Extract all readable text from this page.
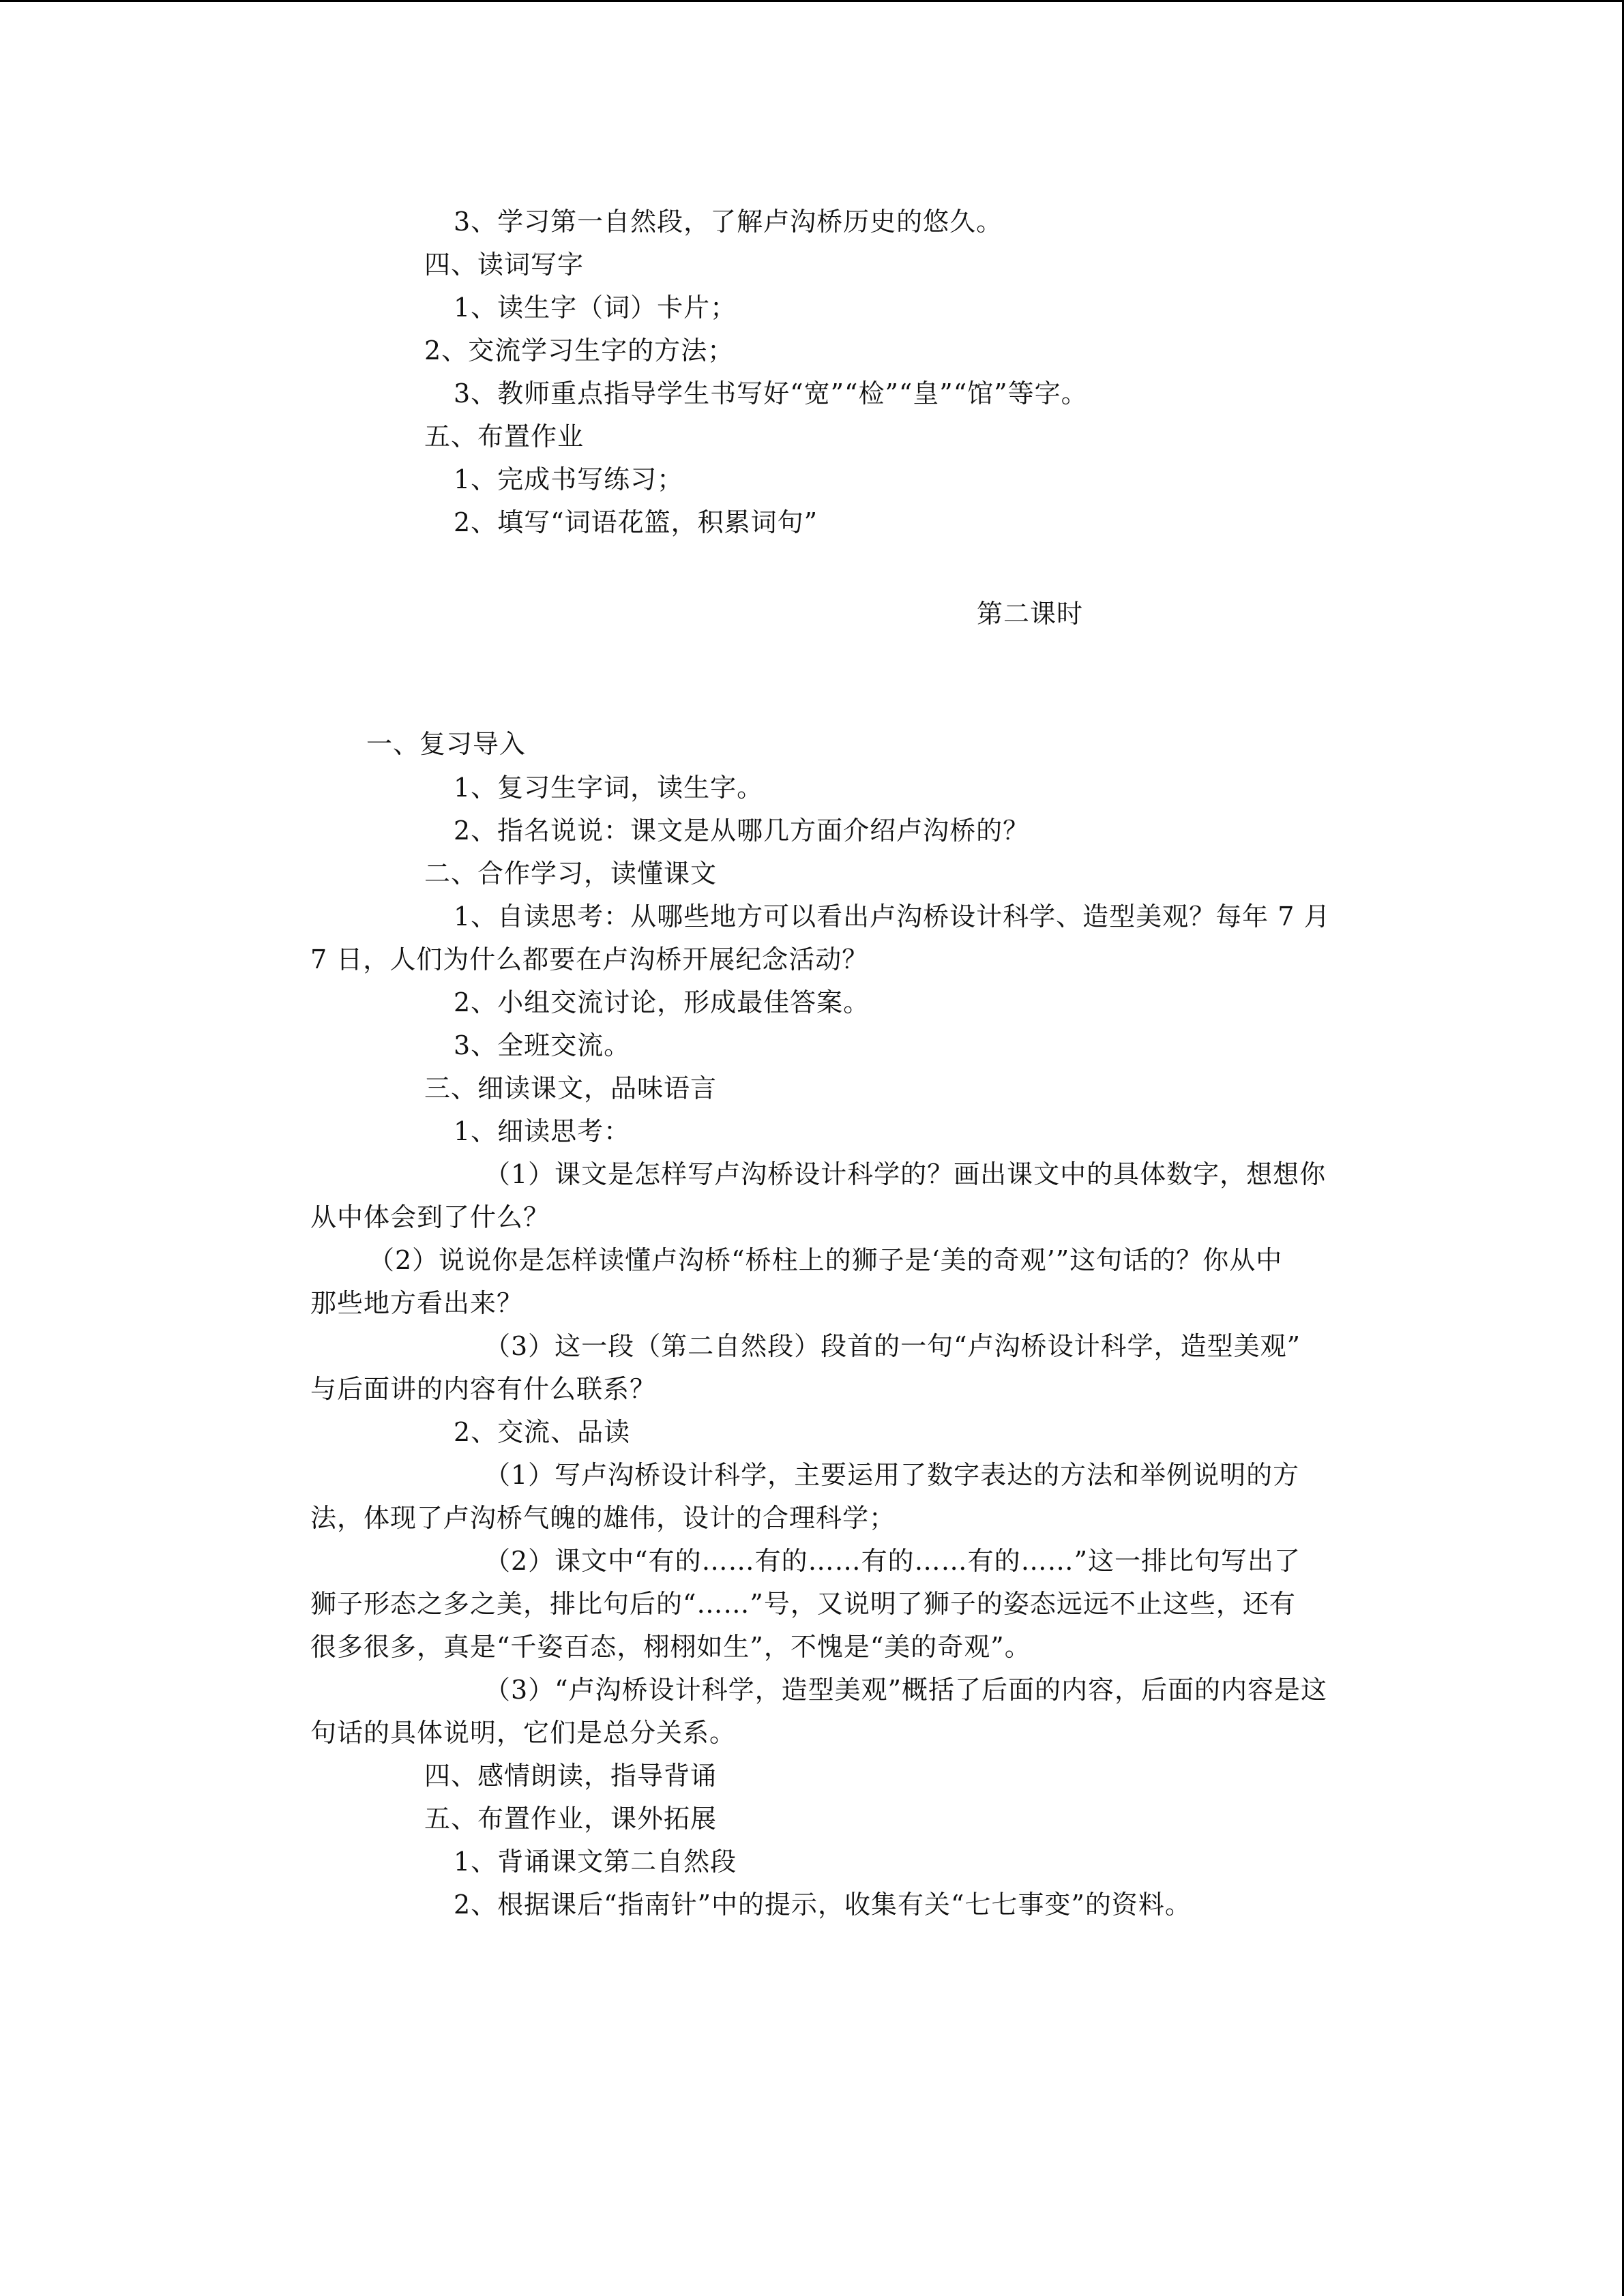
3、学习第一自然段，了解卢沟桥历史的悠久。
四、读词写字
1、读生字（词）卡片；
2、交流学习生字的方法；
3、教师重点指导学生书写好“宽”“检”“皇”“馆”等字。
五、布置作业
1、完成书写练习；
2、填写“词语花篮，积累词句”
第二课时
一、复习导入
1、复习生字词，读生字。
2、指名说说：课文是从哪几方面介绍卢沟桥的？
二、合作学习，读懂课文
1、自读思考：从哪些地方可以看出卢沟桥设计科学、造型美观？每年 7 月
7 日，人们为什么都要在卢沟桥开展纪念活动？
2、小组交流讨论，形成最佳答案。
3、全班交流。
三、细读课文，品味语言
1、细读思考：
（1）课文是怎样写卢沟桥设计科学的？画出课文中的具体数字，想想你
从中体会到了什么？
（2）说说你是怎样读懂卢沟桥“桥柱上的狮子是‘美的奇观’”这句话的？你从中
那些地方看出来？
（3）这一段（第二自然段）段首的一句“卢沟桥设计科学，造型美观”
与后面讲的内容有什么联系？
2、交流、品读
（1）写卢沟桥设计科学，主要运用了数字表达的方法和举例说明的方
法，体现了卢沟桥气魄的雄伟，设计的合理科学；
（2）课文中“有的……有的……有的……有的……”这一排比句写出了
狮子形态之多之美，排比句后的“……”号，又说明了狮子的姿态远远不止这些，还有
很多很多，真是“千姿百态，栩栩如生”，不愧是“美的奇观”。
（3）“卢沟桥设计科学，造型美观”概括了后面的内容，后面的内容是这
句话的具体说明，它们是总分关系。
四、感情朗读，指导背诵
五、布置作业，课外拓展
1、背诵课文第二自然段
2、根据课后“指南针”中的提示，收集有关“七七事变”的资料。
